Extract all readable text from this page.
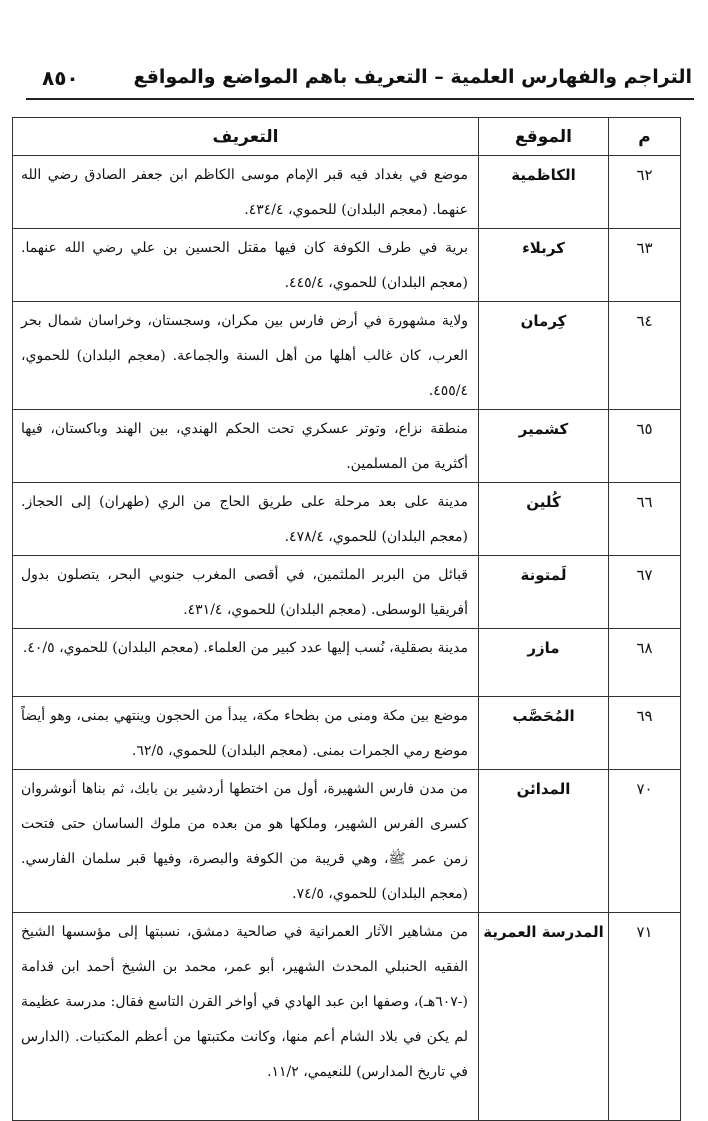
٨٥٠	التراجم والفهارس العلمية – التعريف باهم المواضع والمواقع
م	الموقع	التعريف
٦٢	الكاظمية	موضع في بغداد فيه قبر الإمام موسى الكاظم ابن جعفر الصادق رضي الله عنهما. (معجم البلدان) للحموي، ٤٣٤/٤.
٦٣	كربلاء	برية في طرف الكوفة كان فيها مقتل الحسين بن علي رضي الله عنهما. (معجم البلدان) للحموي، ٤٤٥/٤.
٦٤	كِرمان	ولاية مشهورة في أرض فارس بين مكران، وسجستان، وخراسان شمال بحر العرب، كان غالب أهلها من أهل السنة والجماعة. (معجم البلدان) للحموي، ٤٥٥/٤.
٦٥	كشمير	منطقة نزاع، وتوتر عسكري تحت الحكم الهندي، بين الهند وباكستان، فيها أكثرية من المسلمين.
٦٦	كُلين	مدينة على بعد مرحلة على طريق الحاج من الري (طهران) إلى الحجاز. (معجم البلدان) للحموي، ٤٧٨/٤.
٦٧	لَمتونة	قبائل من البربر الملثمين، في أقصى المغرب جنوبي البحر، يتصلون بدول أفريقيا الوسطى. (معجم البلدان) للحموي، ٤٣١/٤.
٦٨	مازر	مدينة بصقلية، نُسب إليها عدد كبير من العلماء. (معجم البلدان) للحموي، ٤٠/٥.
٦٩	المُحَصَّب	موضع بين مكة ومنى من بطحاء مكة، يبدأ من الحجون وينتهي بمنى، وهو أيضاً موضع رمي الجمرات بمنى. (معجم البلدان) للحموي، ٦٢/٥.
٧٠	المدائن	من مدن فارس الشهيرة، أول من اختطها أردشير بن بابك، ثم بناها أنوشروان كسرى الفرس الشهير، وملكها هو من بعده من ملوك الساسان حتى فتحت زمن عمر ﷺ، وهي قريبة من الكوفة والبصرة، وفيها قبر سلمان الفارسي. (معجم البلدان) للحموي، ٧٤/٥.
٧١	المدرسة العمرية	من مشاهير الآثار العمرانية في صالحية دمشق، نسبتها إلى مؤسسها الشيخ الفقيه الحنبلي المحدث الشهير، أبو عمر، محمد بن الشيخ أحمد ابن قدامة (-٦٠٧هـ)، وصفها ابن عبد الهادي في أواخر القرن التاسع فقال: مدرسة عظيمة لم يكن في بلاد الشام أعم منها، وكانت مكتبتها من أعظم المكتبات. (الدارس في تاريخ المدارس) للنعيمي، ١١/٢.
